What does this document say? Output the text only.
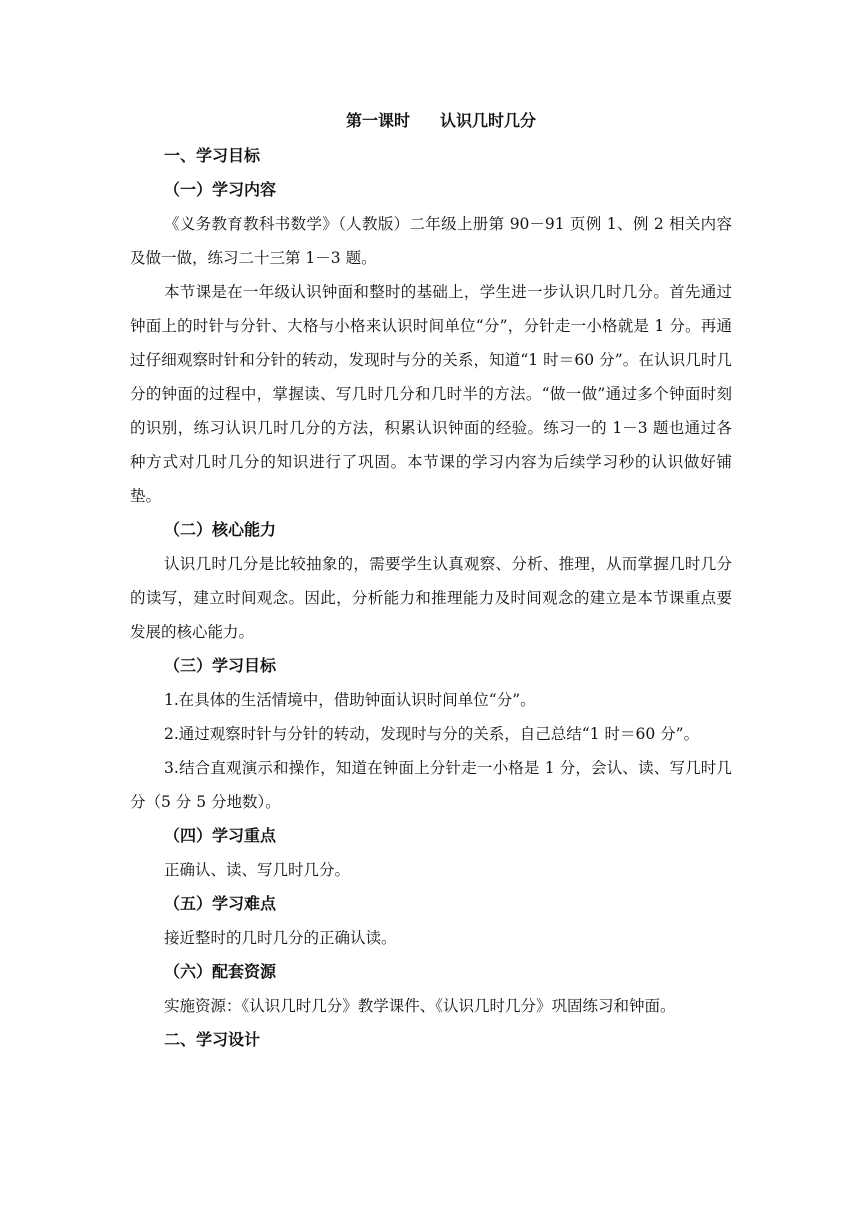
第一课时 认识几时几分
一、学习目标
（一）学习内容

《义务教育教科书数学》（人教版）二年级上册第 90－91 页例 1、例 2 相关内容及做一做，练习二十三第 1－3 题。

本节课是在一年级认识钟面和整时的基础上，学生进一步认识几时几分。首先通过钟面上的时针与分针、大格与小格来认识时间单位“分”，分针走一小格就是 1 分。再通过仔细观察时针和分针的转动，发现时与分的关系，知道“1 时＝60 分”。在认识几时几分的钟面的过程中，掌握读、写几时几分和几时半的方法。“做一做”通过多个钟面时刻的识别，练习认识几时几分的方法，积累认识钟面的经验。练习一的 1－3 题也通过各种方式对几时几分的知识进行了巩固。本节课的学习内容为后续学习秒的认识做好铺垫。

（二）核心能力

认识几时几分是比较抽象的，需要学生认真观察、分析、推理，从而掌握几时几分的读写，建立时间观念。因此，分析能力和推理能力及时间观念的建立是本节课重点要发展的核心能力。

（三）学习目标

1.在具体的生活情境中，借助钟面认识时间单位“分”。

2.通过观察时针与分针的转动，发现时与分的关系，自己总结“1 时＝60 分”。

3.结合直观演示和操作，知道在钟面上分针走一小格是 1 分，会认、读、写几时几分（5 分 5 分地数）。

（四）学习重点
正确认、读、写几时几分。
（五）学习难点
接近整时的几时几分的正确认读。
（六）配套资源
实施资源：《认识几时几分》教学课件、《认识几时几分》巩固练习和钟面。
二、学习设计
